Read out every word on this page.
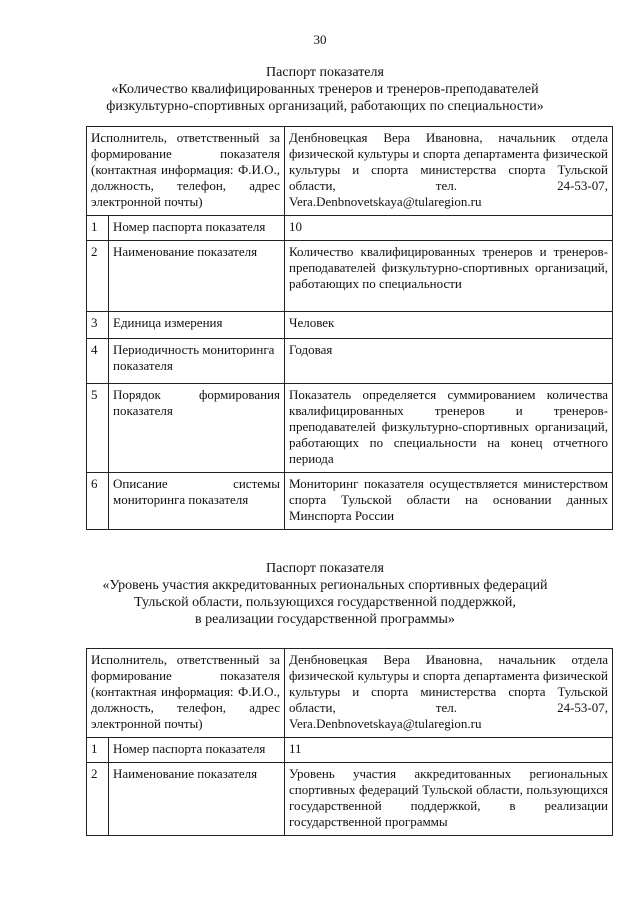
30
Паспорт показателя
«Количество квалифицированных тренеров и тренеров-преподавателей
физкультурно-спортивных организаций, работающих по специальности»
Исполнитель, ответственный за формирование показателя (контактная информация: Ф.И.О., должность, телефон, адрес электронной почты)		Денбновецкая Вера Ивановна, начальник отдела физической культуры и спорта департамента физической культуры и спорта министерства спорта Тульской области, тел. 24-53-07, Vera.Denbnovetskaya@tularegion.ru
1	Номер паспорта показателя	10
2	Наименование показателя	Количество квалифицированных тренеров и тренеров-преподавателей физкультурно-спортивных организаций, работающих по специальности
3	Единица измерения	Человек
4	Периодичность мониторинга показателя	Годовая
5	Порядок формирования показателя	Показатель определяется суммированием количества квалифицированных тренеров и тренеров-преподавателей физкультурно-спортивных организаций, работающих по специальности на конец отчетного периода
6	Описание системы мониторинга показателя	Мониторинг показателя осуществляется министерством спорта Тульской области на основании данных Минспорта России
Паспорт показателя
«Уровень участия аккредитованных региональных спортивных федераций
Тульской области, пользующихся государственной поддержкой,
в реализации государственной программы»
Исполнитель, ответственный за формирование показателя (контактная информация: Ф.И.О., должность, телефон, адрес электронной почты)		Денбновецкая Вера Ивановна, начальник отдела физической культуры и спорта департамента физической культуры и спорта министерства спорта Тульской области, тел. 24-53-07, Vera.Denbnovetskaya@tularegion.ru
1	Номер паспорта показателя	11
2	Наименование показателя	Уровень участия аккредитованных региональных спортивных федераций Тульской области, пользующихся государственной поддержкой, в реализации государственной программы
